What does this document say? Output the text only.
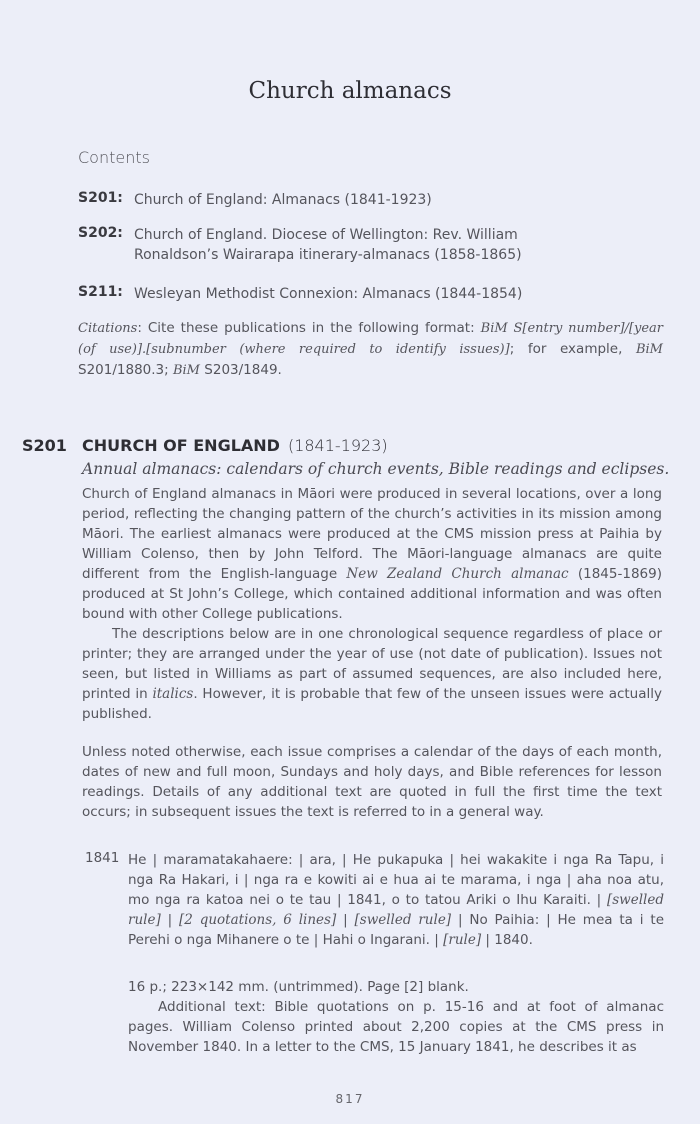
Church almanacs
Contents
S201: Church of England: Almanacs (1841-1923)
S202: Church of England. Diocese of Wellington: Rev. William Ronaldson’s Wairarapa itinerary-almanacs (1858-1865)
S211: Wesleyan Methodist Connexion: Almanacs (1844-1854)
Citations: Cite these publications in the following format: BiM S[entry number]/[year (of use)].[subnumber (where required to identify issues)]; for example, BiM S201/1880.3; BiM S203/1849.
S201 CHURCH OF ENGLAND (1841-1923)
Annual almanacs: calendars of church events, Bible readings and eclipses.

Church of England almanacs in Māori were produced in several locations, over a long period, reflecting the changing pattern of the church’s activities in its mission among Māori. The earliest almanacs were produced at the CMS mission press at Paihia by William Colenso, then by John Telford. The Māori-language almanacs are quite different from the English-language New Zealand Church almanac (1845-1869) produced at St John’s College, which contained additional information and was often bound with other College publications.

The descriptions below are in one chronological sequence regardless of place or printer; they are arranged under the year of use (not date of publication). Issues not seen, but listed in Williams as part of assumed sequences, are also included here, printed in italics. However, it is probable that few of the unseen issues were actually published.

Unless noted otherwise, each issue comprises a calendar of the days of each month, dates of new and full moon, Sundays and holy days, and Bible references for lesson readings. Details of any additional text are quoted in full the first time the text occurs; in subsequent issues the text is referred to in a general way.

1841 He | maramatakahaere: | ara, | He pukapuka | hei wakakite i nga Ra Tapu, i nga Ra Hakari, i | nga ra e kowiti ai e hua ai te marama, i nga | aha noa atu, mo nga ra katoa nei o te tau | 1841, o to tatou Ariki o Ihu Karaiti. | [swelled rule] | [2 quotations, 6 lines] | [swelled rule] | No Paihia: | He mea ta i te Perehi o nga Mihanere o te | Hahi o Ingarani. | [rule] | 1840.

16 p.; 223×142 mm. (untrimmed). Page [2] blank.

Additional text: Bible quotations on p. 15-16 and at foot of almanac pages. William Colenso printed about 2,200 copies at the CMS press in November 1840. In a letter to the CMS, 15 January 1841, he describes it as

817
